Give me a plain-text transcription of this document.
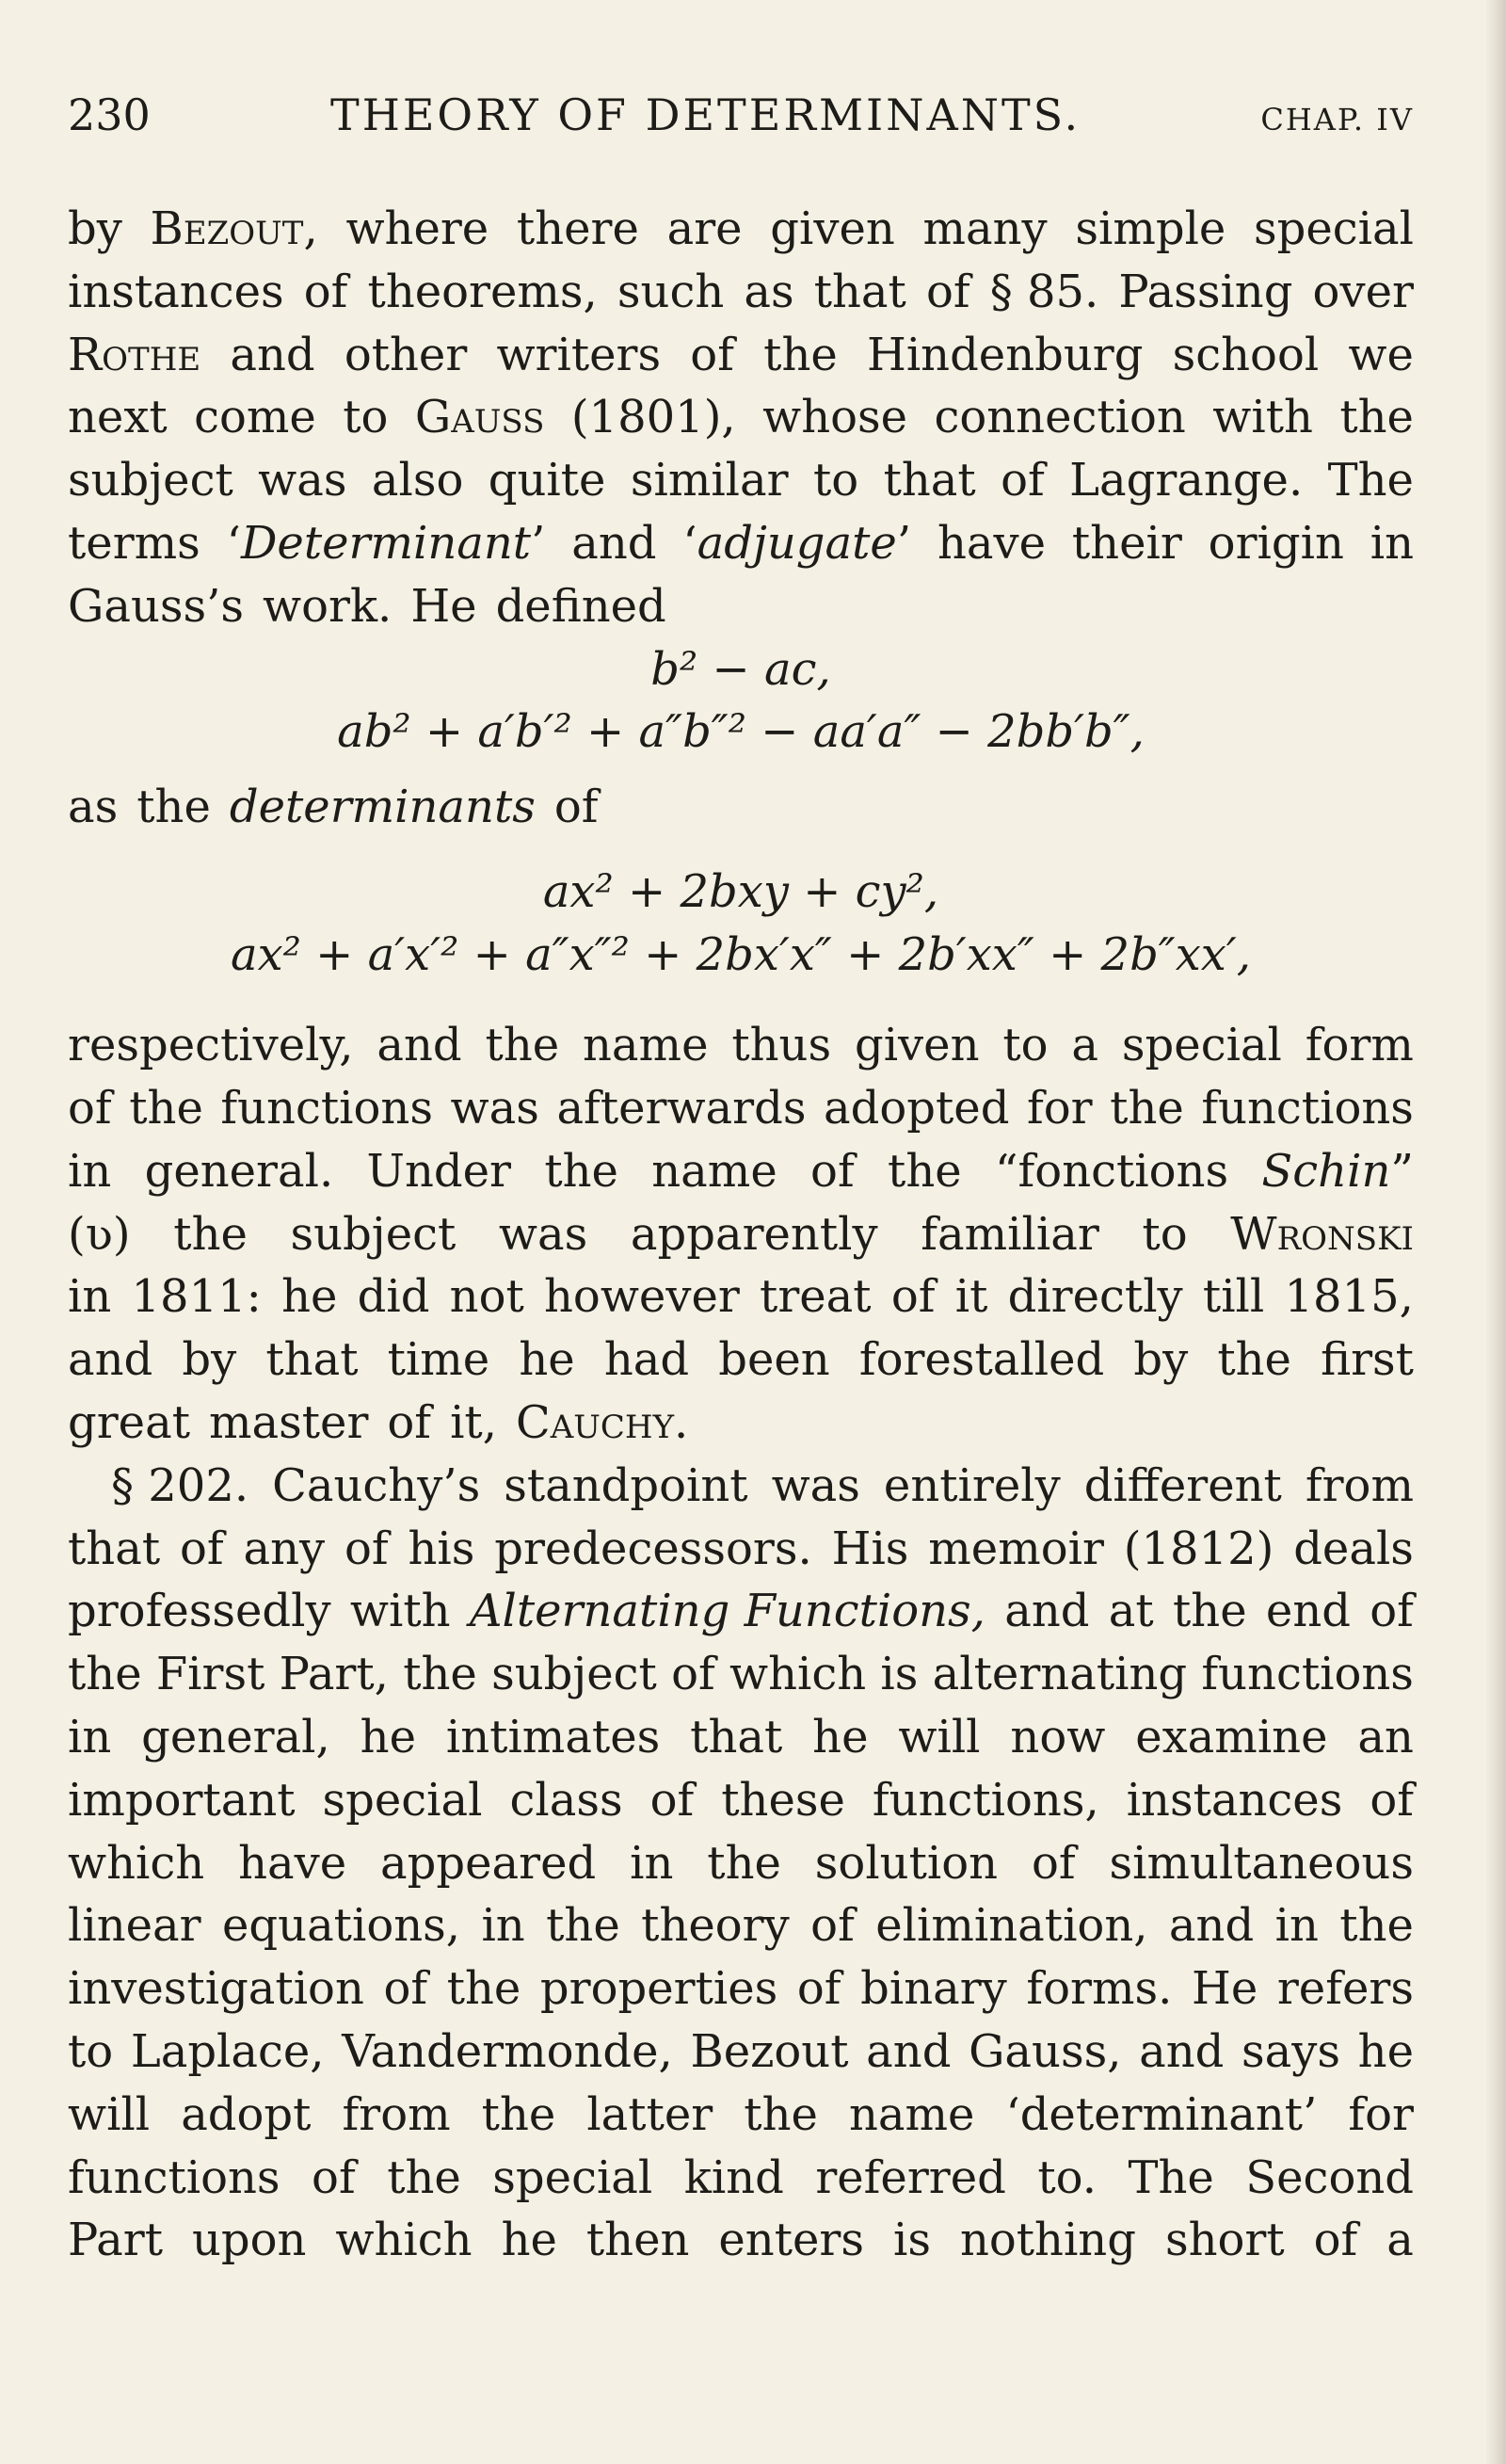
230	THEORY OF DETERMINANTS.	CHAP. IV
by Bezout, where there are given many simple special
instances of theorems, such as that of § 85. Passing over
Rothe and other writers of the Hindenburg school we
next come to Gauss (1801), whose connection with the
subject was also quite similar to that of Lagrange. The
terms ‘Determinant’ and ‘adjugate’ have their origin in
Gauss’s work. He defined
b² − ac,
ab² + a′b′² + a″b″² − aa′a″ − 2bb′b″,
as the determinants of
ax² + 2bxy + cy²,
ax² + a′x′² + a″x″² + 2bx′x″ + 2b′xx″ + 2b″xx′,
respectively, and the name thus given to a special form
of the functions was afterwards adopted for the functions
in general. Under the name of the “fonctions Schin”
(ʋ) the subject was apparently familiar to Wronski
in 1811: he did not however treat of it directly till 1815,
and by that time he had been forestalled by the first
great master of it, Cauchy.
§ 202. Cauchy’s standpoint was entirely different from
that of any of his predecessors. His memoir (1812) deals
professedly with Alternating Functions, and at the end of
the First Part, the subject of which is alternating functions
in general, he intimates that he will now examine an
important special class of these functions, instances of
which have appeared in the solution of simultaneous
linear equations, in the theory of elimination, and in the
investigation of the properties of binary forms. He refers
to Laplace, Vandermonde, Bezout and Gauss, and says he
will adopt from the latter the name ‘determinant’ for
functions of the special kind referred to. The Second
Part upon which he then enters is nothing short of a
